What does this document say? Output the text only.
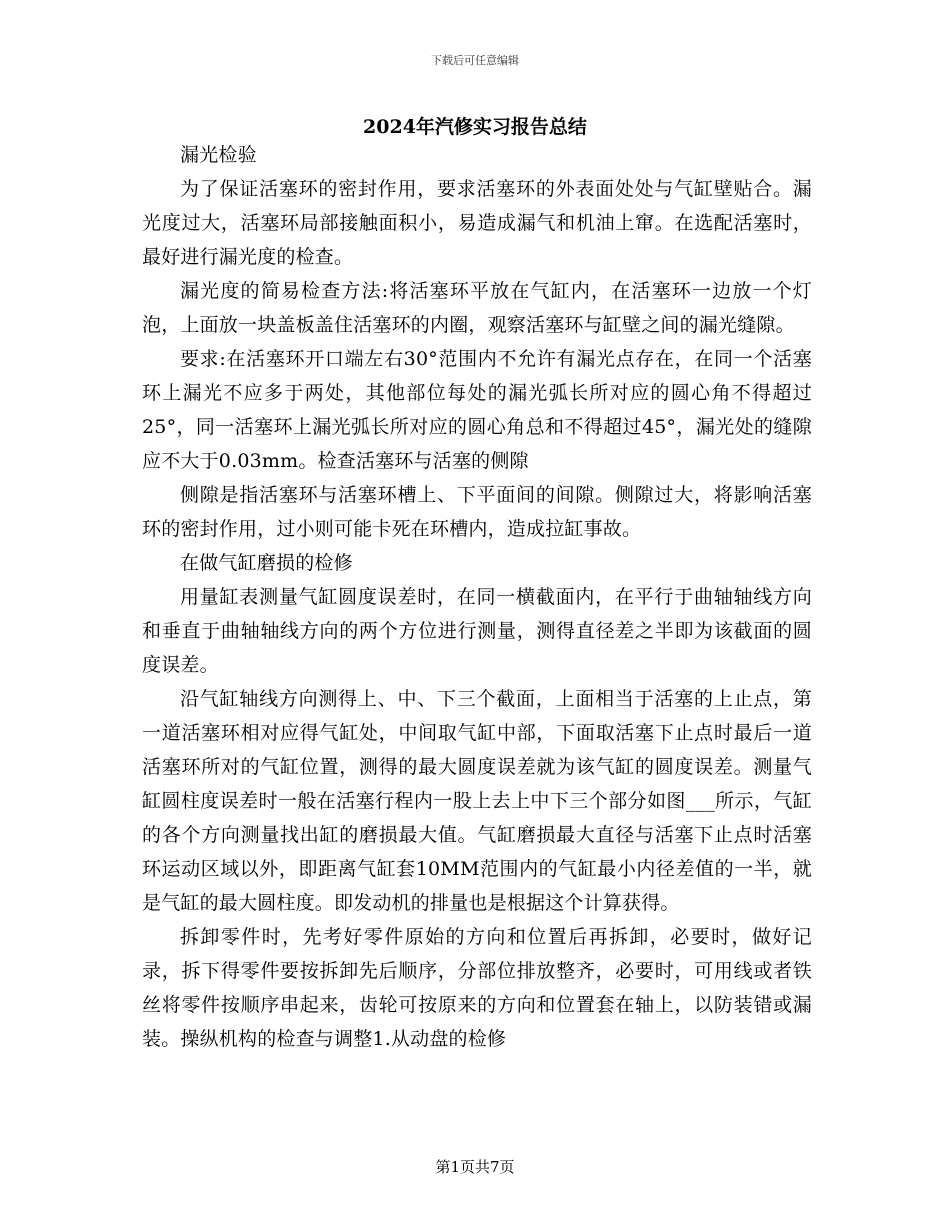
下载后可任意编辑
2024年汽修实习报告总结

漏光检验

为了保证活塞环的密封作用，要求活塞环的外表面处处与气缸壁贴合。漏光度过大，活塞环局部接触面积小，易造成漏气和机油上窜。在选配活塞时，最好进行漏光度的检查。

漏光度的简易检查方法:将活塞环平放在气缸内，在活塞环一边放一个灯泡，上面放一块盖板盖住活塞环的内圈，观察活塞环与缸壁之间的漏光缝隙。

要求:在活塞环开口端左右30°范围内不允许有漏光点存在，在同一个活塞环上漏光不应多于两处，其他部位每处的漏光弧长所对应的圆心角不得超过25°，同一活塞环上漏光弧长所对应的圆心角总和不得超过45°，漏光处的缝隙应不大于0.03mm。检查活塞环与活塞的侧隙

侧隙是指活塞环与活塞环槽上、下平面间的间隙。侧隙过大，将影响活塞环的密封作用，过小则可能卡死在环槽内，造成拉缸事故。

在做气缸磨损的检修

用量缸表测量气缸圆度误差时，在同一横截面内，在平行于曲轴轴线方向和垂直于曲轴轴线方向的两个方位进行测量，测得直径差之半即为该截面的圆度误差。

沿气缸轴线方向测得上、中、下三个截面，上面相当于活塞的上止点，第一道活塞环相对应得气缸处，中间取气缸中部，下面取活塞下止点时最后一道活塞环所对的气缸位置，测得的最大圆度误差就为该气缸的圆度误差。测量气缸圆柱度误差时一般在活塞行程内一股上去上中下三个部分如图___所示，气缸的各个方向测量找出缸的磨损最大值。气缸磨损最大直径与活塞下止点时活塞环运动区域以外，即距离气缸套10MM范围内的气缸最小内径差值的一半，就是气缸的最大圆柱度。即发动机的排量也是根据这个计算获得。

拆卸零件时，先考好零件原始的方向和位置后再拆卸，必要时，做好记录，拆下得零件要按拆卸先后顺序，分部位排放整齐，必要时，可用线或者铁丝将零件按顺序串起来，齿轮可按原来的方向和位置套在轴上，以防装错或漏装。操纵机构的检查与调整1.从动盘的检修

第1页共7页
